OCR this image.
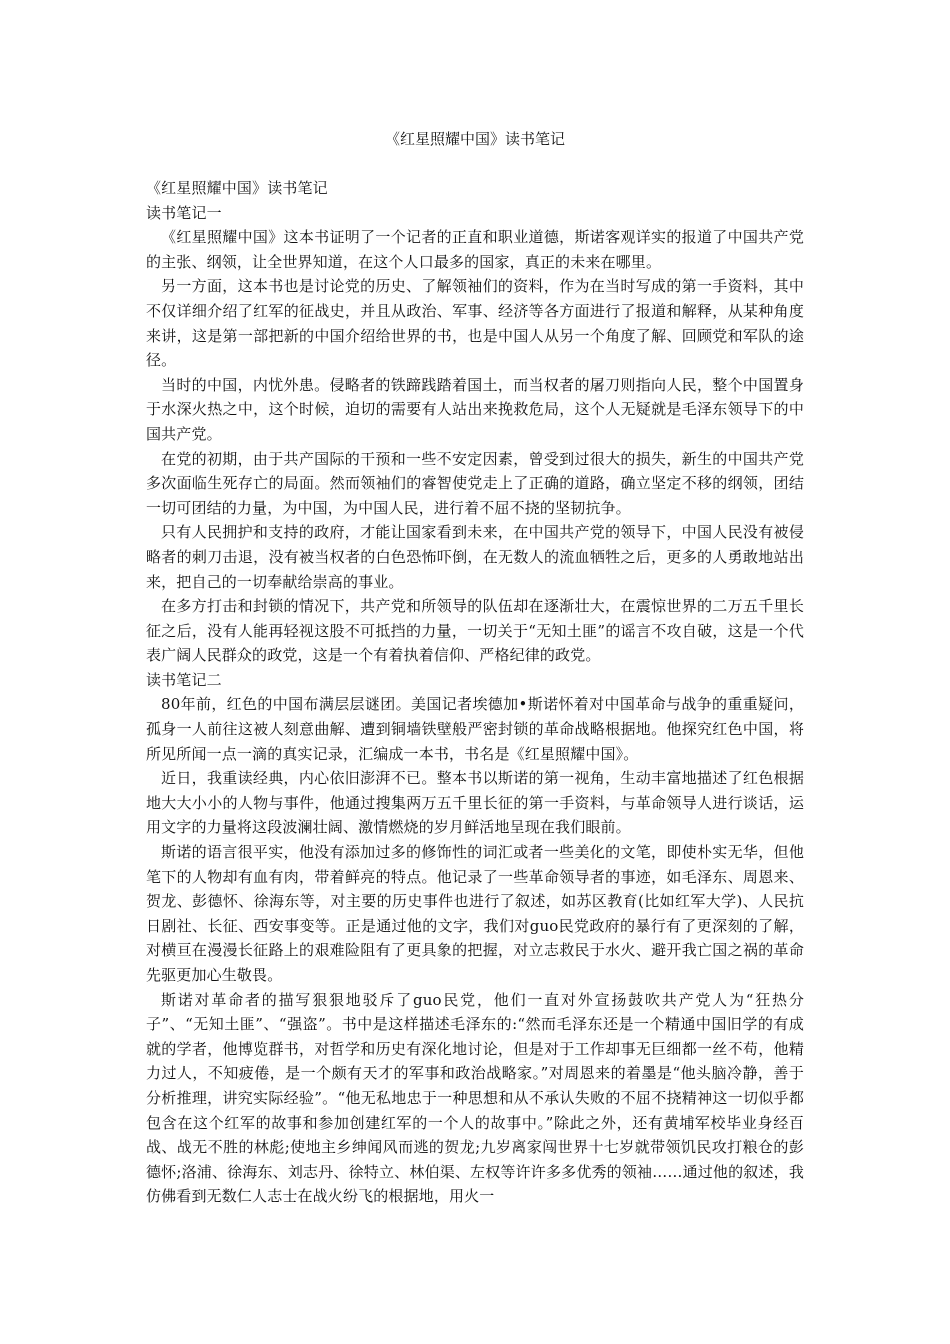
《红星照耀中国》读书笔记

《红星照耀中国》读书笔记

读书笔记一

《红星照耀中国》这本书证明了一个记者的正直和职业道德，斯诺客观详实的报道了中国共产党的主张、纲领，让全世界知道，在这个人口最多的国家，真正的未来在哪里。

另一方面，这本书也是讨论党的历史、了解领袖们的资料，作为在当时写成的第一手资料，其中不仅详细介绍了红军的征战史，并且从政治、军事、经济等各方面进行了报道和解释，从某种角度来讲，这是第一部把新的中国介绍给世界的书，也是中国人从另一个角度了解、回顾党和军队的途径。

当时的中国，内忧外患。侵略者的铁蹄践踏着国土，而当权者的屠刀则指向人民，整个中国置身于水深火热之中，这个时候，迫切的需要有人站出来挽救危局，这个人无疑就是毛泽东领导下的中国共产党。

在党的初期，由于共产国际的干预和一些不安定因素，曾受到过很大的损失，新生的中国共产党多次面临生死存亡的局面。然而领袖们的睿智使党走上了正确的道路，确立坚定不移的纲领，团结一切可团结的力量，为中国，为中国人民，进行着不屈不挠的坚韧抗争。

只有人民拥护和支持的政府，才能让国家看到未来，在中国共产党的领导下，中国人民没有被侵略者的刺刀击退，没有被当权者的白色恐怖吓倒，在无数人的流血牺牲之后，更多的人勇敢地站出来，把自己的一切奉献给崇高的事业。

在多方打击和封锁的情况下，共产党和所领导的队伍却在逐渐壮大，在震惊世界的二万五千里长征之后，没有人能再轻视这股不可抵挡的力量，一切关于“无知土匪”的谣言不攻自破，这是一个代表广阔人民群众的政党，这是一个有着执着信仰、严格纪律的政党。

读书笔记二

80年前，红色的中国布满层层谜团。美国记者埃德加•斯诺怀着对中国革命与战争的重重疑问，孤身一人前往这被人刻意曲解、遭到铜墙铁壁般严密封锁的革命战略根据地。他探究红色中国，将所见所闻一点一滴的真实记录，汇编成一本书，书名是《红星照耀中国》。

近日，我重读经典，内心依旧澎湃不已。整本书以斯诺的第一视角，生动丰富地描述了红色根据地大大小小的人物与事件，他通过搜集两万五千里长征的第一手资料，与革命领导人进行谈话，运用文字的力量将这段波澜壮阔、激情燃烧的岁月鲜活地呈现在我们眼前。

斯诺的语言很平实，他没有添加过多的修饰性的词汇或者一些美化的文笔，即使朴实无华，但他笔下的人物却有血有肉，带着鲜亮的特点。他记录了一些革命领导者的事迹，如毛泽东、周恩来、贺龙、彭德怀、徐海东等，对主要的历史事件也进行了叙述，如苏区教育(比如红军大学)、人民抗日剧社、长征、西安事变等。正是通过他的文字，我们对guo民党政府的暴行有了更深刻的了解，对横亘在漫漫长征路上的艰难险阻有了更具象的把握，对立志救民于水火、避开我亡国之祸的革命先驱更加心生敬畏。

斯诺对革命者的描写狠狠地驳斥了guo民党，他们一直对外宣扬鼓吹共产党人为“狂热分子”、“无知土匪”、“强盗”。书中是这样描述毛泽东的:“然而毛泽东还是一个精通中国旧学的有成就的学者，他博览群书，对哲学和历史有深化地讨论，但是对于工作却事无巨细都一丝不苟，他精力过人，不知疲倦，是一个颇有天才的军事和政治战略家。”对周恩来的着墨是“他头脑冷静，善于分析推理，讲究实际经验”。“他无私地忠于一种思想和从不承认失败的不屈不挠精神这一切似乎都包含在这个红军的故事和参加创建红军的一个人的故事中。”除此之外，还有黄埔军校毕业身经百战、战无不胜的林彪;使地主乡绅闻风而逃的贺龙;九岁离家闯世界十七岁就带领饥民攻打粮仓的彭德怀;洛浦、徐海东、刘志丹、徐特立、林伯渠、左权等许许多多优秀的领袖……通过他的叙述，我仿佛看到无数仁人志士在战火纷飞的根据地，用火一
